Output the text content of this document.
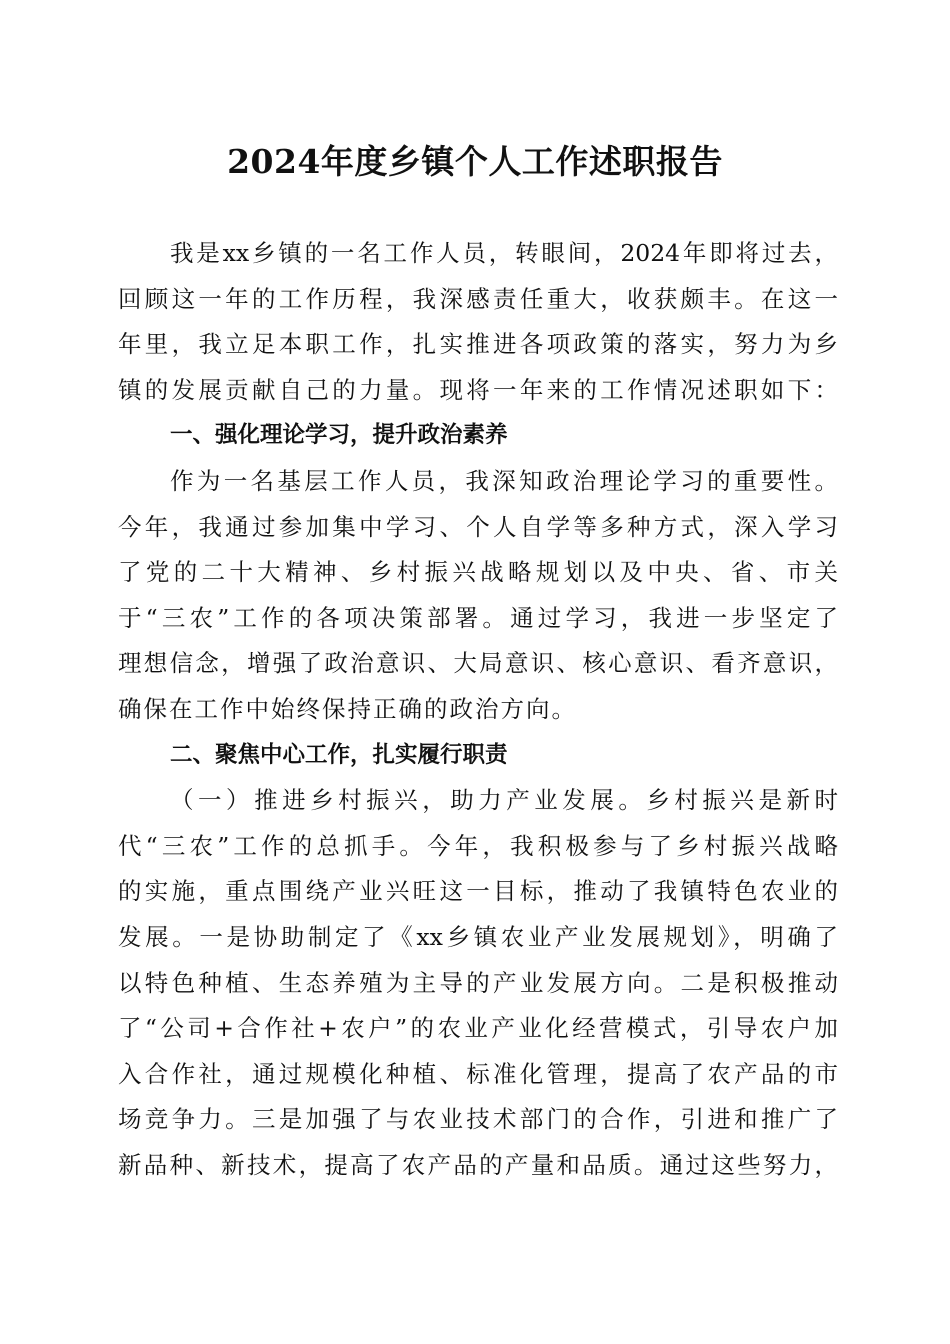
2024年度乡镇个人工作述职报告
我是xx乡镇的一名工作人员，转眼间，2024年即将过去，
回顾这一年的工作历程，我深感责任重大，收获颇丰。在这一
年里，我立足本职工作，扎实推进各项政策的落实，努力为乡
镇的发展贡献自己的力量。现将一年来的工作情况述职如下：
一、强化理论学习，提升政治素养
作为一名基层工作人员，我深知政治理论学习的重要性。
今年，我通过参加集中学习、个人自学等多种方式，深入学习
了党的二十大精神、乡村振兴战略规划以及中央、省、市关
于“三农”工作的各项决策部署。通过学习，我进一步坚定了
理想信念，增强了政治意识、大局意识、核心意识、看齐意识，
确保在工作中始终保持正确的政治方向。
二、聚焦中心工作，扎实履行职责
（一）推进乡村振兴，助力产业发展。乡村振兴是新时
代“三农”工作的总抓手。今年，我积极参与了乡村振兴战略
的实施，重点围绕产业兴旺这一目标，推动了我镇特色农业的
发展。一是协助制定了《xx乡镇农业产业发展规划》，明确了
以特色种植、生态养殖为主导的产业发展方向。二是积极推动
了“公司+合作社+农户”的农业产业化经营模式，引导农户加
入合作社，通过规模化种植、标准化管理，提高了农产品的市
场竞争力。三是加强了与农业技术部门的合作，引进和推广了
新品种、新技术，提高了农产品的产量和品质。通过这些努力，
